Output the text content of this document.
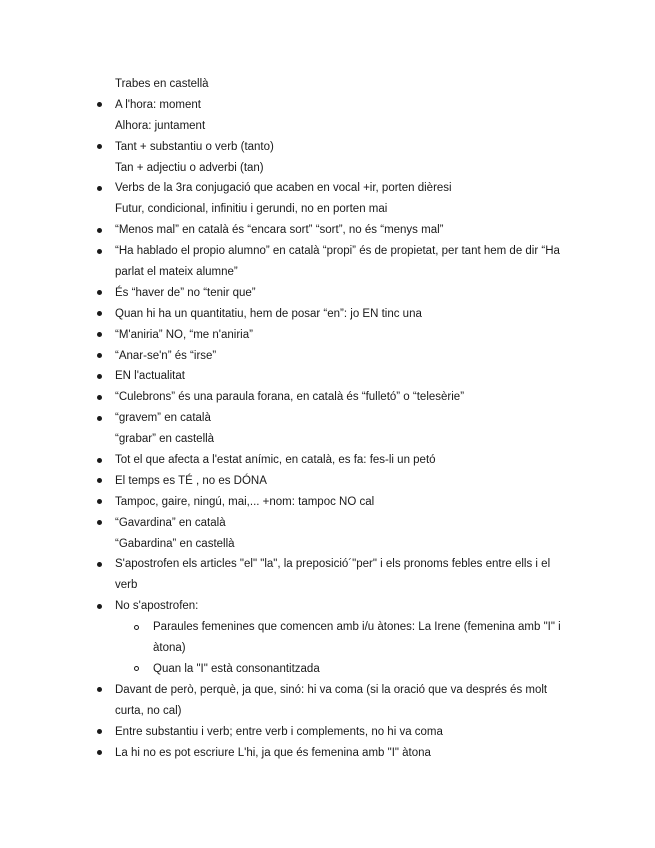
Trabes en castellà
A l'hora: moment
Alhora: juntament
Tant + substantiu o verb (tanto)
Tan + adjectiu o adverbi (tan)
Verbs de la 3ra conjugació que acaben en vocal +ir, porten dièresi
Futur, condicional, infinitiu i gerundi, no en porten mai
“Menos mal” en català és “encara sort” “sort”, no és “menys mal”
“Ha hablado el propio alumno” en català “propi” és de propietat, per tant hem de dir “Ha
parlat el mateix alumne”
És “haver de” no “tenir que”
Quan hi ha un quantitatiu, hem de posar “en”: jo EN tinc una
“M'aniria” NO, “me n'aniria”
“Anar-se'n” és “irse”
EN l'actualitat
“Culebrons” és una paraula forana, en català és “fulletó” o “telesèrie”
“gravem” en català
“grabar” en castellà
Tot el que afecta a l'estat anímic, en català, es fa: fes-li un petó
El temps es TÉ , no es DÓNA
Tampoc, gaire, ningú, mai,... +nom: tampoc NO cal
“Gavardina” en català
“Gabardina” en castellà
S'apostrofen els articles "el" "la", la preposició´"per" i els pronoms febles entre ells i el
verb
No s'apostrofen:
Paraules femenines que comencen amb i/u àtones: La Irene (femenina amb "I" i
àtona)
Quan la "I" està consonantitzada
Davant de però, perquè, ja que, sinó: hi va coma (si la oració que va després és molt
curta, no cal)
Entre substantiu i verb; entre verb i complements, no hi va coma
La hi no es pot escriure L'hi, ja que és femenina amb "I" àtona
